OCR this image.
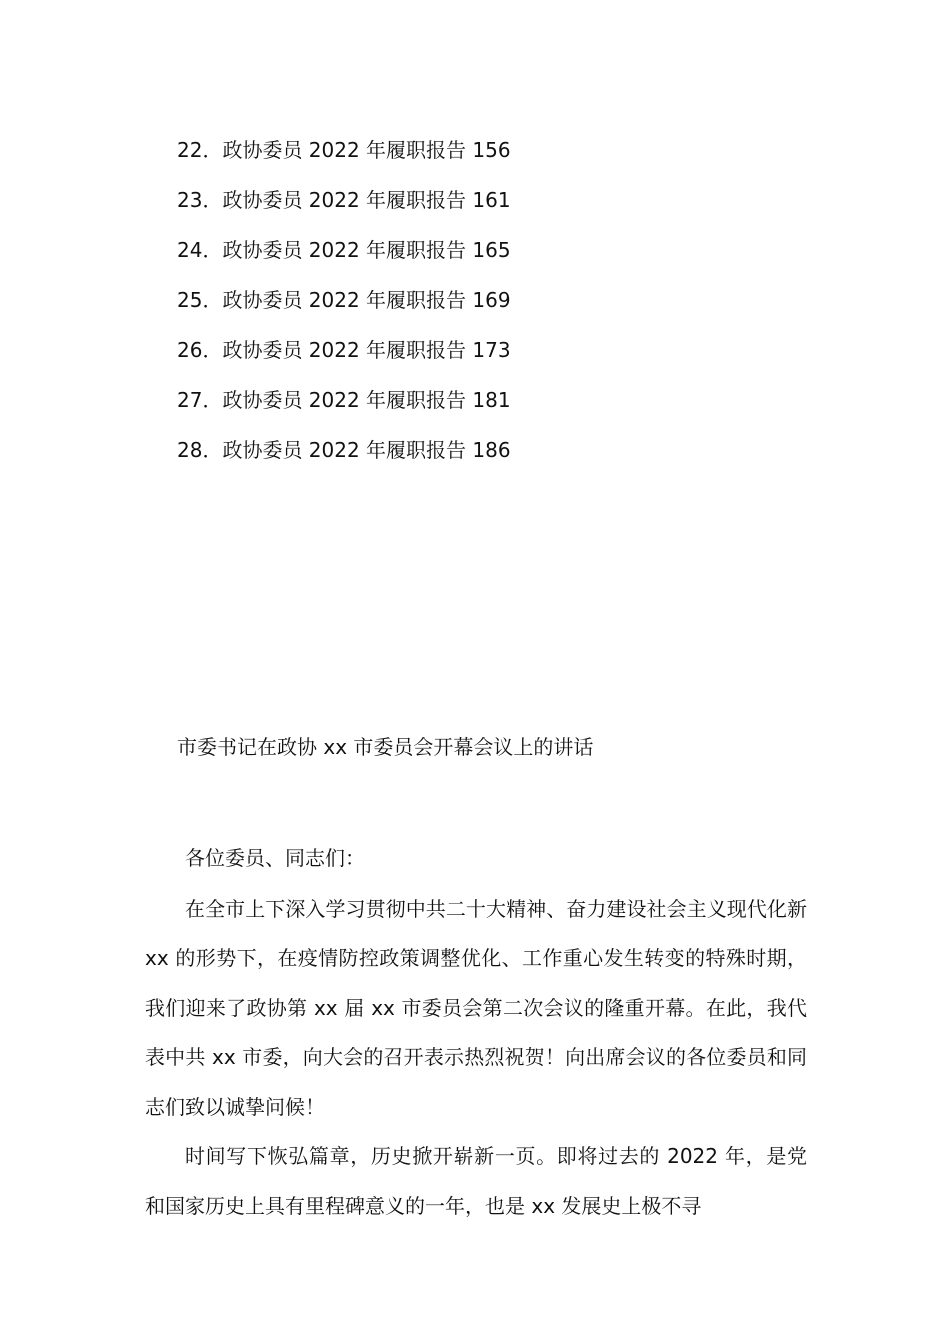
22．政协委员 2022 年履职报告 156
23．政协委员 2022 年履职报告 161
24．政协委员 2022 年履职报告 165
25．政协委员 2022 年履职报告 169
26．政协委员 2022 年履职报告 173
27．政协委员 2022 年履职报告 181
28．政协委员 2022 年履职报告 186
市委书记在政协 xx 市委员会开幕会议上的讲话

各位委员、同志们：

在全市上下深入学习贯彻中共二十大精神、奋力建设社会主义现代化新 xx 的形势下，在疫情防控政策调整优化、工作重心发生转变的特殊时期，我们迎来了政协第 xx 届 xx 市委员会第二次会议的隆重开幕。在此，我代表中共 xx 市委，向大会的召开表示热烈祝贺！向出席会议的各位委员和同志们致以诚挚问候！

时间写下恢弘篇章，历史掀开崭新一页。即将过去的 2022 年，是党和国家历史上具有里程碑意义的一年，也是 xx 发展史上极不寻
